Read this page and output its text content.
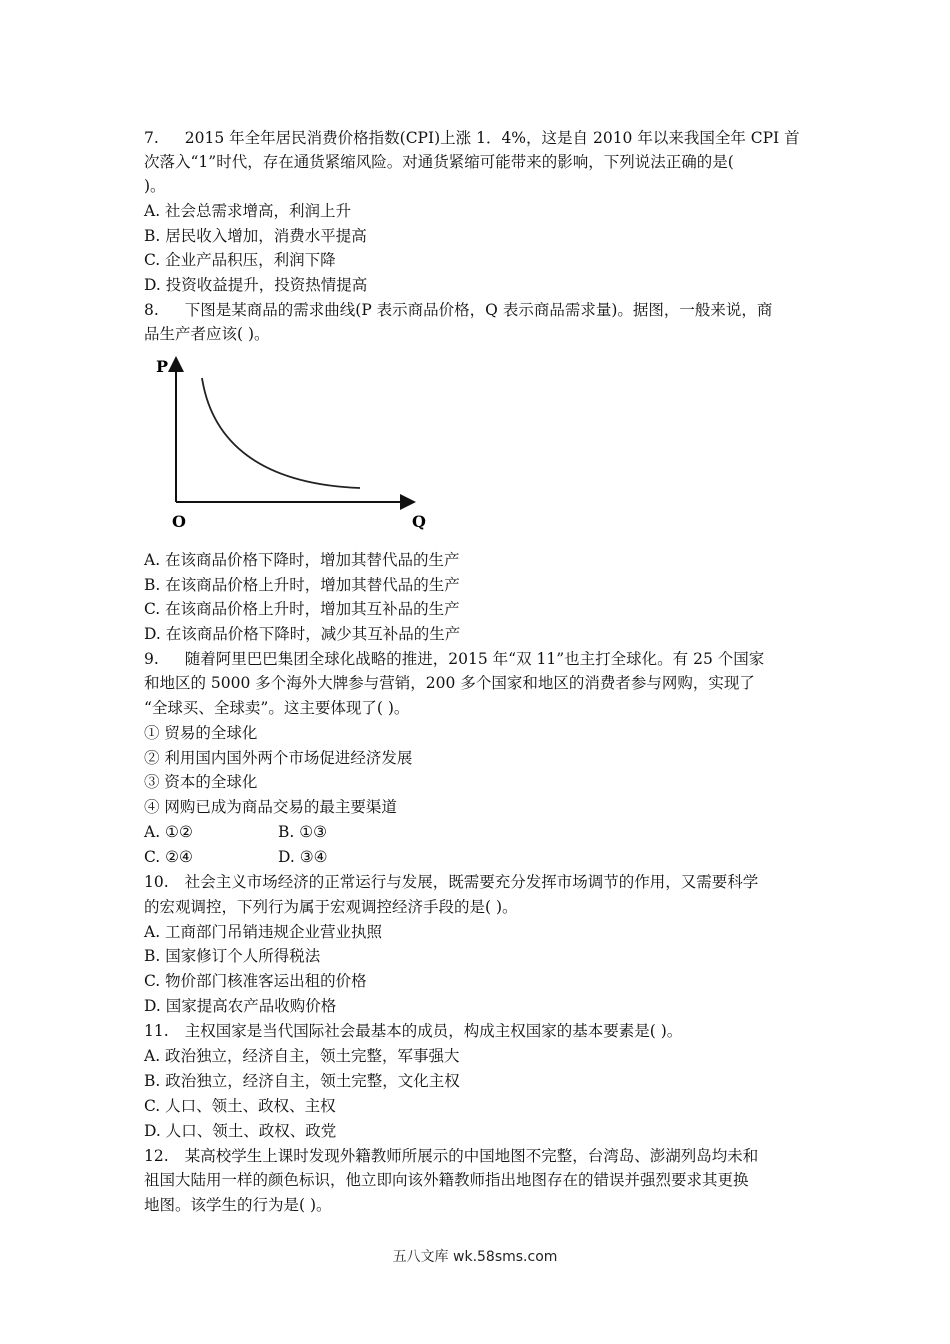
7. 2015 年全年居民消费价格指数(CPI)上涨 1．4%，这是自 2010 年以来我国全年 CPI 首
次落入“1”时代，存在通货紧缩风险。对通货紧缩可能带来的影响，下列说法正确的是(
)。
A. 社会总需求增高，利润上升
B. 居民收入增加，消费水平提高
C. 企业产品积压，利润下降
D. 投资收益提升，投资热情提高
8. 下图是某商品的需求曲线(P 表示商品价格，Q 表示商品需求量)。据图，一般来说，商
品生产者应该( )。
P
Q
O
A. 在该商品价格下降时，增加其替代品的生产
B. 在该商品价格上升时，增加其替代品的生产
C. 在该商品价格上升时，增加其互补品的生产
D. 在该商品价格下降时，减少其互补品的生产
9. 随着阿里巴巴集团全球化战略的推进，2015 年“双 11”也主打全球化。有 25 个国家
和地区的 5000 多个海外大牌参与营销，200 多个国家和地区的消费者参与网购，实现了
“全球买、全球卖”。这主要体现了( )。
① 贸易的全球化
② 利用国内国外两个市场促进经济发展
③ 资本的全球化
④ 网购已成为商品交易的最主要渠道
A. ①②	B. ①③
C. ②④	D. ③④
10. 社会主义市场经济的正常运行与发展，既需要充分发挥市场调节的作用，又需要科学
的宏观调控，下列行为属于宏观调控经济手段的是( )。
A. 工商部门吊销违规企业营业执照
B. 国家修订个人所得税法
C. 物价部门核准客运出租的价格
D. 国家提高农产品收购价格
11. 主权国家是当代国际社会最基本的成员，构成主权国家的基本要素是( )。
A. 政治独立，经济自主，领土完整，军事强大
B. 政治独立，经济自主，领土完整，文化主权
C. 人口、领土、政权、主权
D. 人口、领土、政权、政党
12. 某高校学生上课时发现外籍教师所展示的中国地图不完整，台湾岛、澎湖列岛均未和
祖国大陆用一样的颜色标识，他立即向该外籍教师指出地图存在的错误并强烈要求其更换
地图。该学生的行为是( )。
五八文库 wk.58sms.com
